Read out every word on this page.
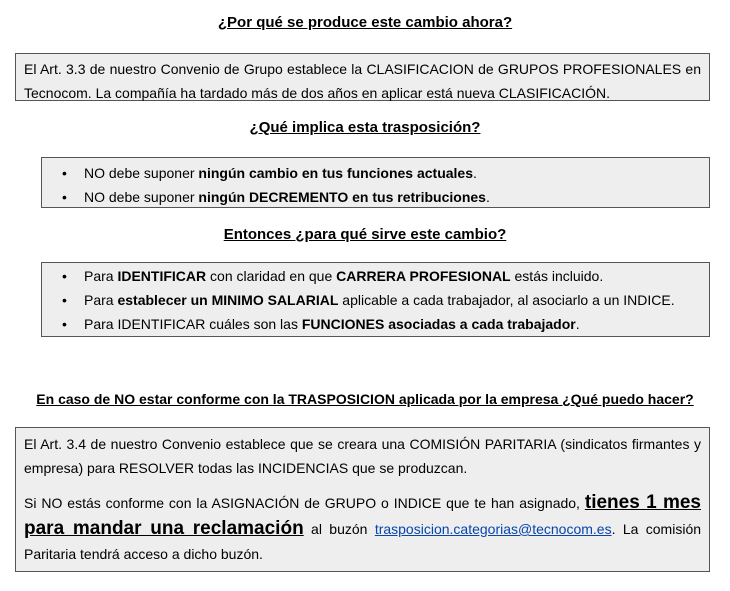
¿Por qué se produce este cambio ahora?

El Art. 3.3 de nuestro Convenio de Grupo establece la CLASIFICACION de GRUPOS PROFESIONALES en

Tecnocom. La compañía ha tardado más de dos años en aplicar está nueva CLASIFICACIÓN.

¿Qué implica esta trasposición?
• NO debe suponer ningún cambio en tus funciones actuales.
• NO debe suponer ningún DECREMENTO en tus retribuciones.
Entonces ¿para qué sirve este cambio?
• Para IDENTIFICAR con claridad en que CARRERA PROFESIONAL estás incluido.
• Para establecer un MINIMO SALARIAL aplicable a cada trabajador, al asociarlo a un INDICE.
• Para IDENTIFICAR cuáles son las FUNCIONES asociadas a cada trabajador.
En caso de NO estar conforme con la TRASPOSICION aplicada por la empresa ¿Qué puedo hacer?

El Art. 3.4 de nuestro Convenio establece que se creara una COMISIÓN PARITARIA (sindicatos firmantes y empresa) para RESOLVER todas las INCIDENCIAS que se produzcan.

Si NO estás conforme con la ASIGNACIÓN de GRUPO o INDICE que te han asignado, tienes 1 mes para mandar una reclamación al buzón trasposicion.categorias@tecnocom.es. La comisión Paritaria tendrá acceso a dicho buzón.
